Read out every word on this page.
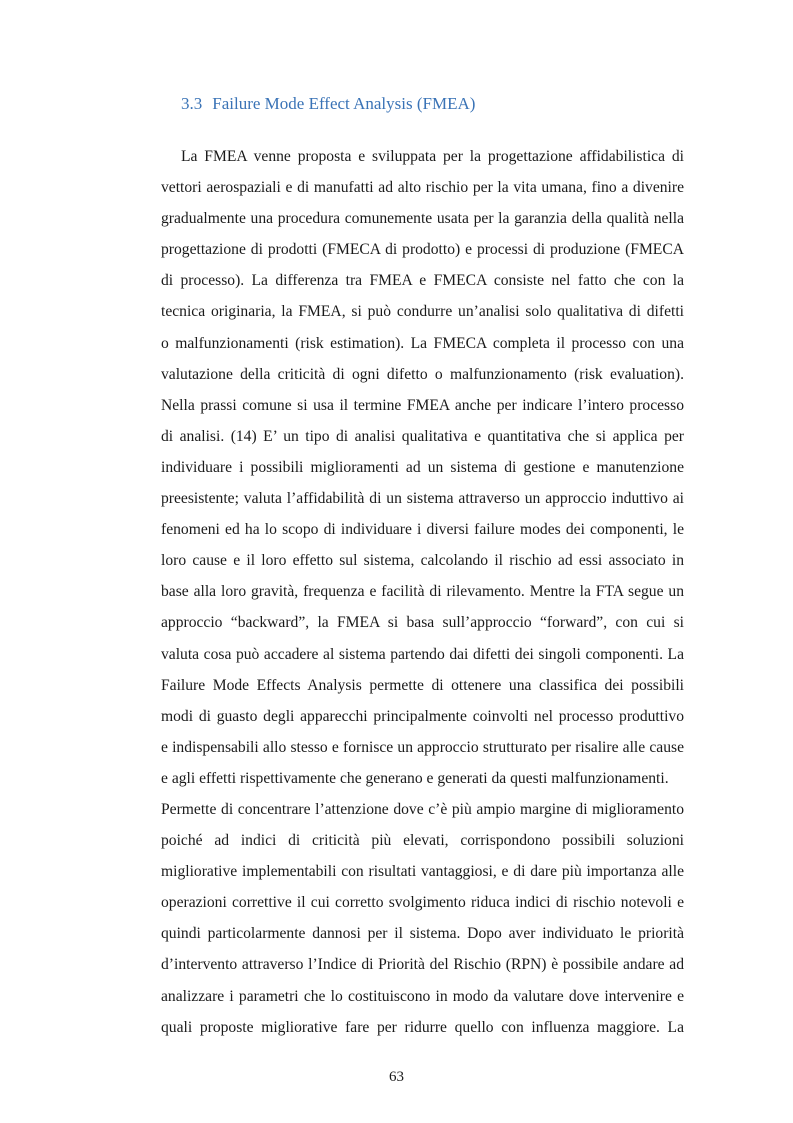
3.3 Failure Mode Effect Analysis (FMEA)
La FMEA venne proposta e sviluppata per la progettazione affidabilistica di
vettori aerospaziali e di manufatti ad alto rischio per la vita umana, fino a divenire
gradualmente una procedura comunemente usata per la garanzia della qualità nella
progettazione di prodotti (FMECA di prodotto) e processi di produzione (FMECA
di processo). La differenza tra FMEA e FMECA consiste nel fatto che con la
tecnica originaria, la FMEA, si può condurre un’analisi solo qualitativa di difetti
o malfunzionamenti (risk estimation). La FMECA completa il processo con una
valutazione della criticità di ogni difetto o malfunzionamento (risk evaluation).
Nella prassi comune si usa il termine FMEA anche per indicare l’intero processo
di analisi. (14) E’ un tipo di analisi qualitativa e quantitativa che si applica per
individuare i possibili miglioramenti ad un sistema di gestione e manutenzione
preesistente; valuta l’affidabilità di un sistema attraverso un approccio induttivo ai
fenomeni ed ha lo scopo di individuare i diversi failure modes dei componenti, le
loro cause e il loro effetto sul sistema, calcolando il rischio ad essi associato in
base alla loro gravità, frequenza e facilità di rilevamento. Mentre la FTA segue un
approccio “backward”, la FMEA si basa sull’approccio “forward”, con cui si
valuta cosa può accadere al sistema partendo dai difetti dei singoli componenti. La
Failure Mode Effects Analysis permette di ottenere una classifica dei possibili
modi di guasto degli apparecchi principalmente coinvolti nel processo produttivo
e indispensabili allo stesso e fornisce un approccio strutturato per risalire alle cause
e agli effetti rispettivamente che generano e generati da questi malfunzionamenti.
Permette di concentrare l’attenzione dove c’è più ampio margine di miglioramento
poiché ad indici di criticità più elevati, corrispondono possibili soluzioni
migliorative implementabili con risultati vantaggiosi, e di dare più importanza alle
operazioni correttive il cui corretto svolgimento riduca indici di rischio notevoli e
quindi particolarmente dannosi per il sistema. Dopo aver individuato le priorità
d’intervento attraverso l’Indice di Priorità del Rischio (RPN) è possibile andare ad
analizzare i parametri che lo costituiscono in modo da valutare dove intervenire e
quali proposte migliorative fare per ridurre quello con influenza maggiore. La
63
